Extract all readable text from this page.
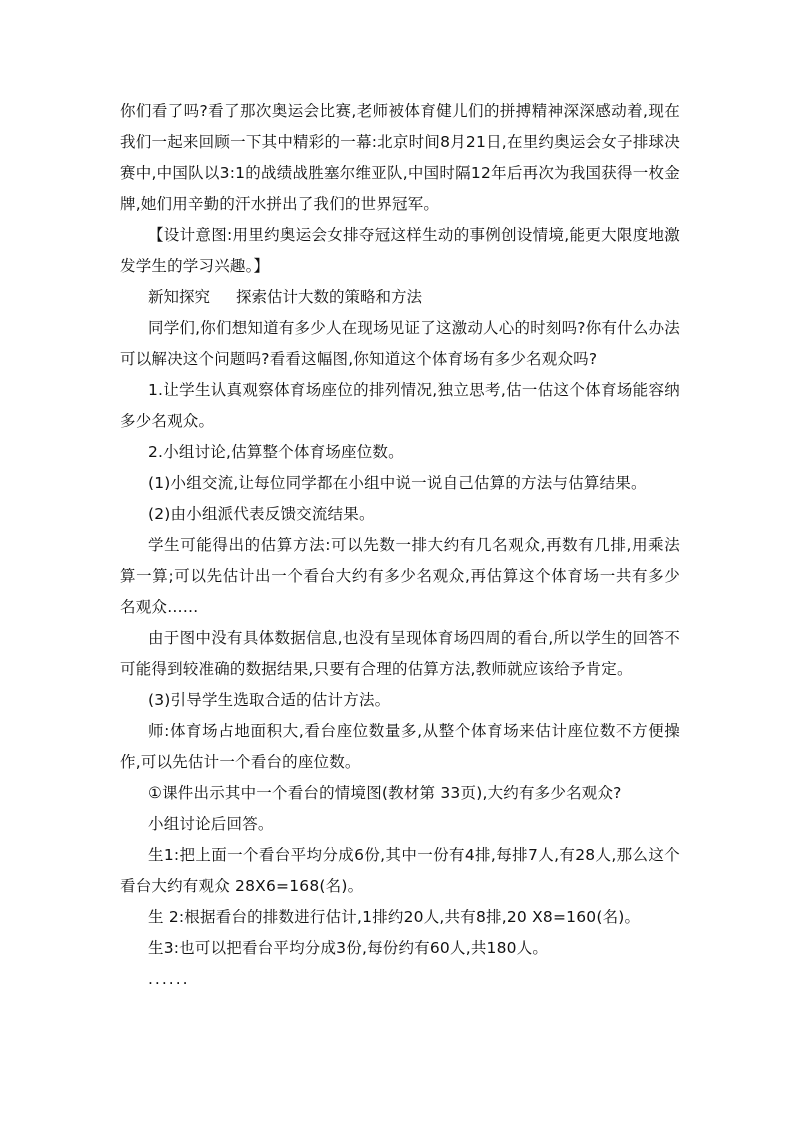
你们看了吗?看了那次奥运会比赛,老师被体育健儿们的拼搏精神深深感动着,现在我们一起来回顾一下其中精彩的一幕:北京时间8月21日,在里约奥运会女子排球决赛中,中国队以3:1的战绩战胜塞尔维亚队,中国时隔12年后再次为我国获得一枚金牌,她们用辛勤的汗水拼出了我们的世界冠军。

【设计意图:用里约奥运会女排夺冠这样生动的事例创设情境,能更大限度地激发学生的学习兴趣。】

新知探究 探索估计大数的策略和方法

同学们,你们想知道有多少人在现场见证了这激动人心的时刻吗?你有什么办法可以解决这个问题吗?看看这幅图,你知道这个体育场有多少名观众吗?

1.让学生认真观察体育场座位的排列情况,独立思考,估一估这个体育场能容纳多少名观众。

2.小组讨论,估算整个体育场座位数。

(1)小组交流,让每位同学都在小组中说一说自己估算的方法与估算结果。

(2)由小组派代表反馈交流结果。

学生可能得出的估算方法:可以先数一排大约有几名观众,再数有几排,用乘法算一算;可以先估计出一个看台大约有多少名观众,再估算这个体育场一共有多少名观众……

由于图中没有具体数据信息,也没有呈现体育场四周的看台,所以学生的回答不可能得到较准确的数据结果,只要有合理的估算方法,教师就应该给予肯定。

(3)引导学生选取合适的估计方法。

师:体育场占地面积大,看台座位数量多,从整个体育场来估计座位数不方便操作,可以先估计一个看台的座位数。

①课件出示其中一个看台的情境图(教材第 33页),大约有多少名观众?

小组讨论后回答。

生1:把上面一个看台平均分成6份,其中一份有4排,每排7人,有28人,那么这个看台大约有观众 28X6=168(名)。

生 2:根据看台的排数进行估计,1排约20人,共有8排,20 X8=160(名)。

生3:也可以把看台平均分成3份,每份约有60人,共180人。

......
